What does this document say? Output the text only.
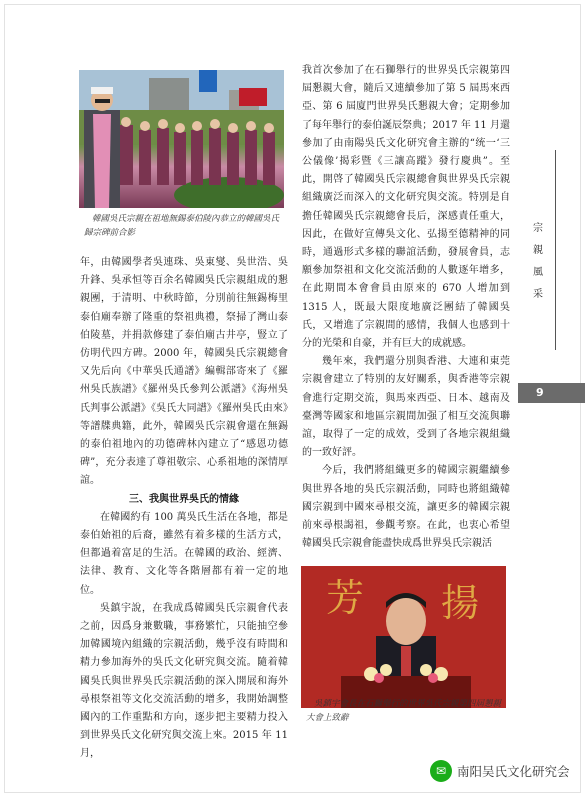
韓國吳氏宗親在祖地無錫泰伯陵內恭立的韓國吳氏歸宗碑前合影

年，由韓國學者吳連珠、吳東燮、吳世浩、吳升鋒、吳承恒等百余名韓國吳氏宗親組成的懇親團，于清明、中秋時節，分別前往無錫梅里泰伯廟奉辦了隆重的祭祖典禮，祭掃了灣山泰伯陵墓，并捐款修建了泰伯廟古井亭，豎立了仿明代四方碑。2000 年，韓國吳氏宗親總會又先后向《中華吳氏通譜》編輯部寄來了《羅州吳氏族譜》《羅州吳氏參判公派譜》《海州吳氏判事公派譜》《吳氏大同譜》《羅州吳氏由來》等譜牒典籍，此外，韓國吳氏宗親會還在無錫的泰伯祖地內的功德碑林內建立了“感恩功德碑”，充分表達了尊祖敬宗、心系祖地的深情厚誼。

三、我與世界吳氏的情緣

在韓國約有 100 萬吳氏生活在各地，都是泰伯始祖的后裔，雖然有着多樣的生活方式，但都過着富足的生活。在韓國的政治、經濟、法律、教育、文化等各階層都有着一定的地位。

吳鎮宇說，在我成爲韓國吳氏宗親會代表之前，因爲身兼數職，事務繁忙，只能抽空參加韓國境內組織的宗親活動，幾乎沒有時間和精力參加海外的吳氏文化研究與交流。隨着韓國吳氏與世界吳氏宗親活動的深入開展和海外尋根祭祖等文化交流活動的增多，我開始調整國內的工作重點和方向，逐步把主要精力投入到世界吳氏文化研究與交流上來。2015 年 11 月，

我首次參加了在石獅舉行的世界吳氏宗親第四屆懇親大會，隨后又連續參加了第 5 屆馬來西亞、第 6 屆廈門世界吳氏懇親大會；定期參加了每年舉行的泰伯誕辰祭典；2017 年 11 月還參加了由南陽吳氏文化研究會主辦的“统一‘三公儀像’揭彩暨《三讓高蹤》發行慶典”。至此，開啓了韓國吳氏宗親總會與世界吳氏宗親組織廣泛而深入的文化研究與交流。特別是自擔任韓國吳氏宗親總會長后，深感責任重大，因此，在做好宣傳吳文化、弘揚至德精神的同時，通過形式多樣的聯誼活動，發展會員，志願參加祭祖和文化交流活動的人數逐年增多，在此期間本會會員由原來的 670 人增加到 1315 人，既最大限度地廣泛團結了韓國吳氏，又增進了宗親間的感情，我個人也感到十分的光榮和自豪，并有巨大的成就感。

幾年來，我們還分別與香港、大連和東莞宗親會建立了特別的友好關系，與香港等宗親會進行定期交流，與馬來西亞、日本、越南及臺灣等國家和地區宗親間加强了相互交流與聯誼，取得了一定的成效，受到了各地宗親組織的一致好評。

今后，我們將組織更多的韓國宗親繼續參與世界各地的吳氏宗親活動，同時也將組織韓國宗親到中國來尋根交流，讓更多的韓國宗親前來尋根謁祖，參觀考察。在此，也衷心希望韓國吳氏宗親會能盡快成爲世界吳氏宗親活

芳 揚
吳鎮宇會長在石獅舉行的世界吳氏宗親第四屆懇親大會上致辭
宗
親
風
采
9
✉ 南阳吴氏文化研究会
